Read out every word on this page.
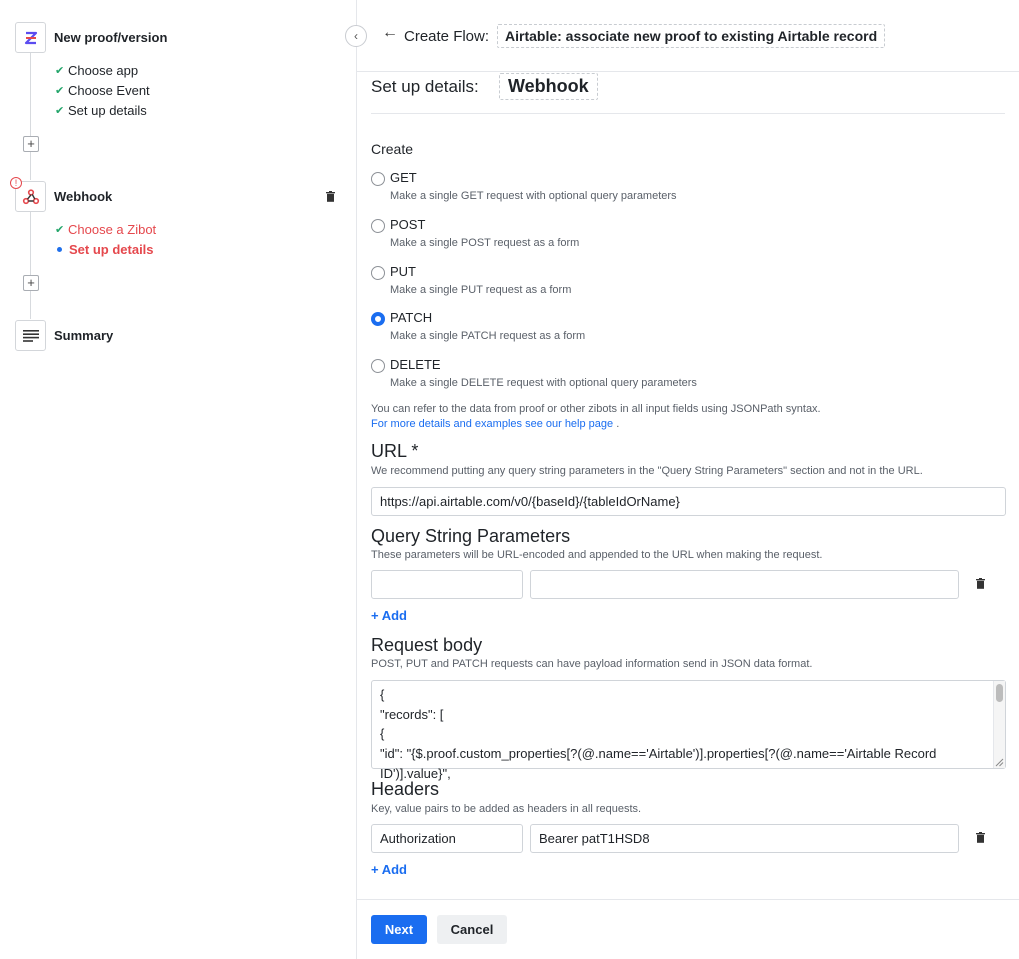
New proof/version
✔ Choose app
✔ Choose Event
✔ Set up details
+
!
Webhook
✔ Choose a Zibot
Set up details
+
Summary
‹ ← Create Flow:	Airtable: associate new proof to existing Airtable record
Set up details:	Webhook
Create
GET
Make a single GET request with optional query parameters
POST
Make a single POST request as a form
PUT
Make a single PUT request as a form
PATCH
Make a single PATCH request as a form
DELETE
Make a single DELETE request with optional query parameters
You can refer to the data from proof or other zibots in all input fields using JSONPath syntax.
For more details and examples see our help page .
URL *
We recommend putting any query string parameters in the "Query String Parameters" section and not in the URL.
https://api.airtable.com/v0/{baseId}/{tableIdOrName}
Query String Parameters
These parameters will be URL-encoded and appended to the URL when making the request.
+ Add
Request body
POST, PUT and PATCH requests can have payload information send in JSON data format.
{
"records": [
{
"id": "{$.proof.custom_properties[?(@.name=='Airtable')].properties[?(@.name=='Airtable Record
ID')].value}",
Headers
Key, value pairs to be added as headers in all requests.
Authorization	Bearer patT1HSD8
+ Add
Next	Cancel
